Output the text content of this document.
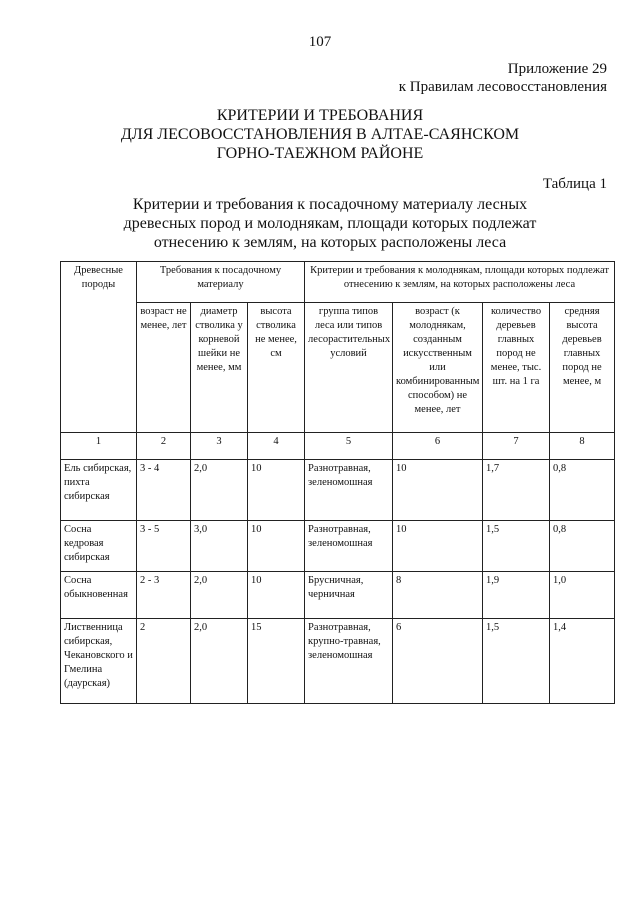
107
Приложение 29
к Правилам лесовосстановления
КРИТЕРИИ И ТРЕБОВАНИЯ
ДЛЯ ЛЕСОВОССТАНОВЛЕНИЯ В АЛТАЕ-САЯНСКОМ
ГОРНО-ТАЕЖНОМ РАЙОНЕ
Таблица 1
Критерии и требования к посадочному материалу лесных
древесных пород и молоднякам, площади которых подлежат
отнесению к землям, на которых расположены леса
Древесные породы	Требования к посадочному материалу			Критерии и требования к молоднякам, площади которых подлежат отнесению к землям, на которых расположены леса			
	возраст не менее, лет	диаметр стволика у корневой шейки не менее, мм	высота стволика не менее, см	группа типов леса или типов лесорастительных условий	возраст (к молоднякам, созданным искусственным или комбинированным способом) не менее, лет	количество деревьев главных пород не менее, тыс. шт. на 1 га	средняя высота деревьев главных пород не менее, м
1	2	3	4	5	6	7	8
Ель сибирская, пихта сибирская	3 - 4	2,0	10	Разнотравная, зеленомошная	10	1,7	0,8
Сосна кедровая сибирская	3 - 5	3,0	10	Разнотравная, зеленомошная	10	1,5	0,8
Сосна обыкновенная	2 - 3	2,0	10	Брусничная, черничная	8	1,9	1,0
Лиственница сибирская, Чекановского и Гмелина (даурская)	2	2,0	15	Разнотравная, крупно-травная, зеленомошная	6	1,5	1,4
